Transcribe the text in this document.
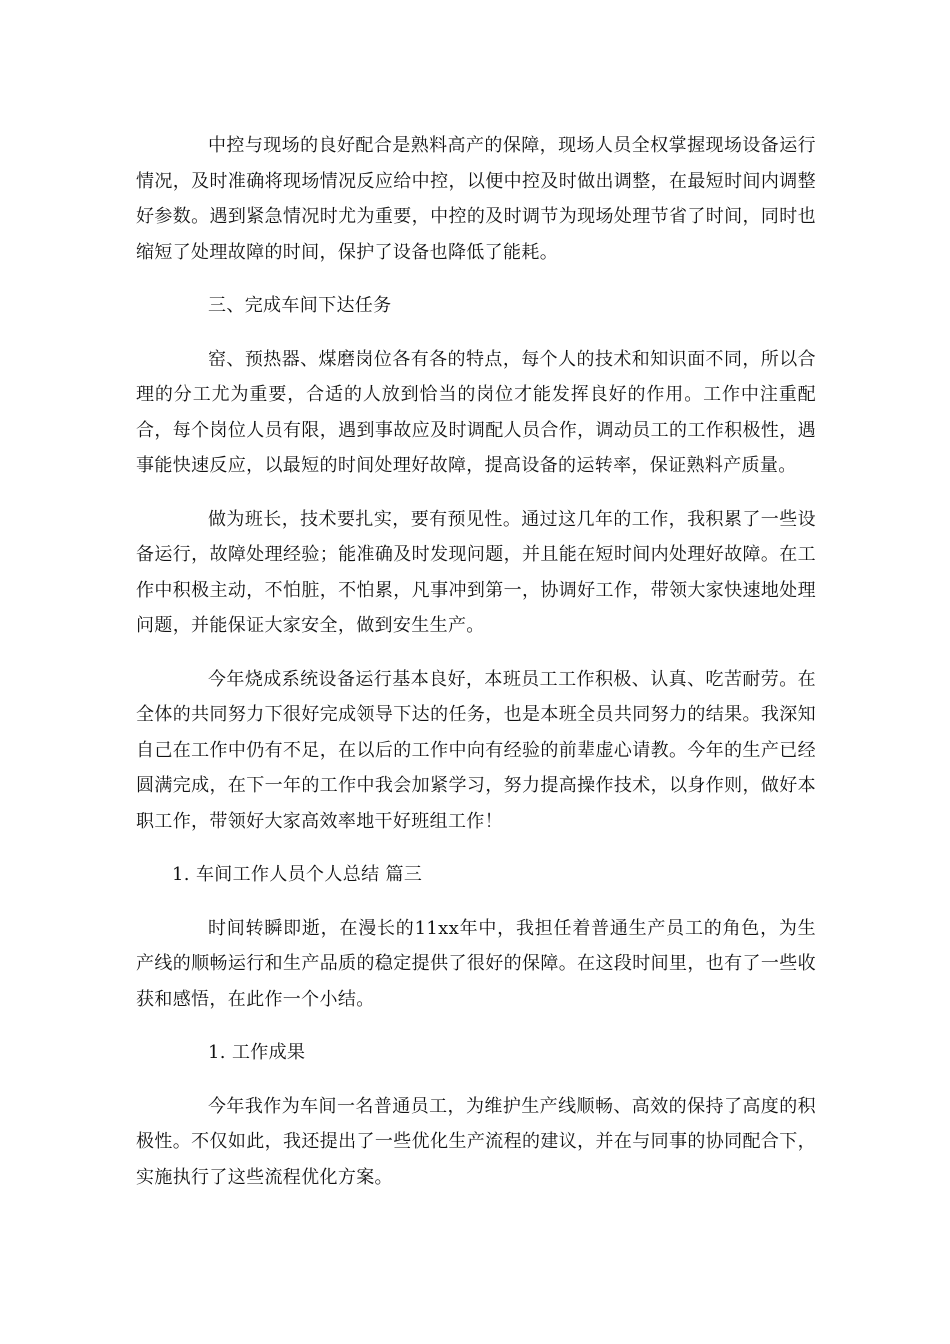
中控与现场的良好配合是熟料高产的保障，现场人员全权掌握现场设备运行情况，及时准确将现场情况反应给中控，以便中控及时做出调整，在最短时间内调整好参数。遇到紧急情况时尤为重要，中控的及时调节为现场处理节省了时间，同时也缩短了处理故障的时间，保护了设备也降低了能耗。

三、完成车间下达任务

窑、预热器、煤磨岗位各有各的特点，每个人的技术和知识面不同，所以合理的分工尤为重要，合适的人放到恰当的岗位才能发挥良好的作用。工作中注重配合，每个岗位人员有限，遇到事故应及时调配人员合作，调动员工的工作积极性，遇事能快速反应，以最短的时间处理好故障，提高设备的运转率，保证熟料产质量。

做为班长，技术要扎实，要有预见性。通过这几年的工作，我积累了一些设备运行，故障处理经验；能准确及时发现问题，并且能在短时间内处理好故障。在工作中积极主动，不怕脏，不怕累，凡事冲到第一，协调好工作，带领大家快速地处理问题，并能保证大家安全，做到安生生产。

今年烧成系统设备运行基本良好，本班员工工作积极、认真、吃苦耐劳。在全体的共同努力下很好完成领导下达的任务，也是本班全员共同努力的结果。我深知自己在工作中仍有不足，在以后的工作中向有经验的前辈虚心请教。今年的生产已经圆满完成，在下一年的工作中我会加紧学习，努力提高操作技术，以身作则，做好本职工作，带领好大家高效率地干好班组工作！

1. 车间工作人员个人总结 篇三

时间转瞬即逝，在漫长的11xx年中，我担任着普通生产员工的角色，为生产线的顺畅运行和生产品质的稳定提供了很好的保障。在这段时间里，也有了一些收获和感悟，在此作一个小结。

1. 工作成果

今年我作为车间一名普通员工，为维护生产线顺畅、高效的保持了高度的积极性。不仅如此，我还提出了一些优化生产流程的建议，并在与同事的协同配合下，实施执行了这些流程优化方案。
